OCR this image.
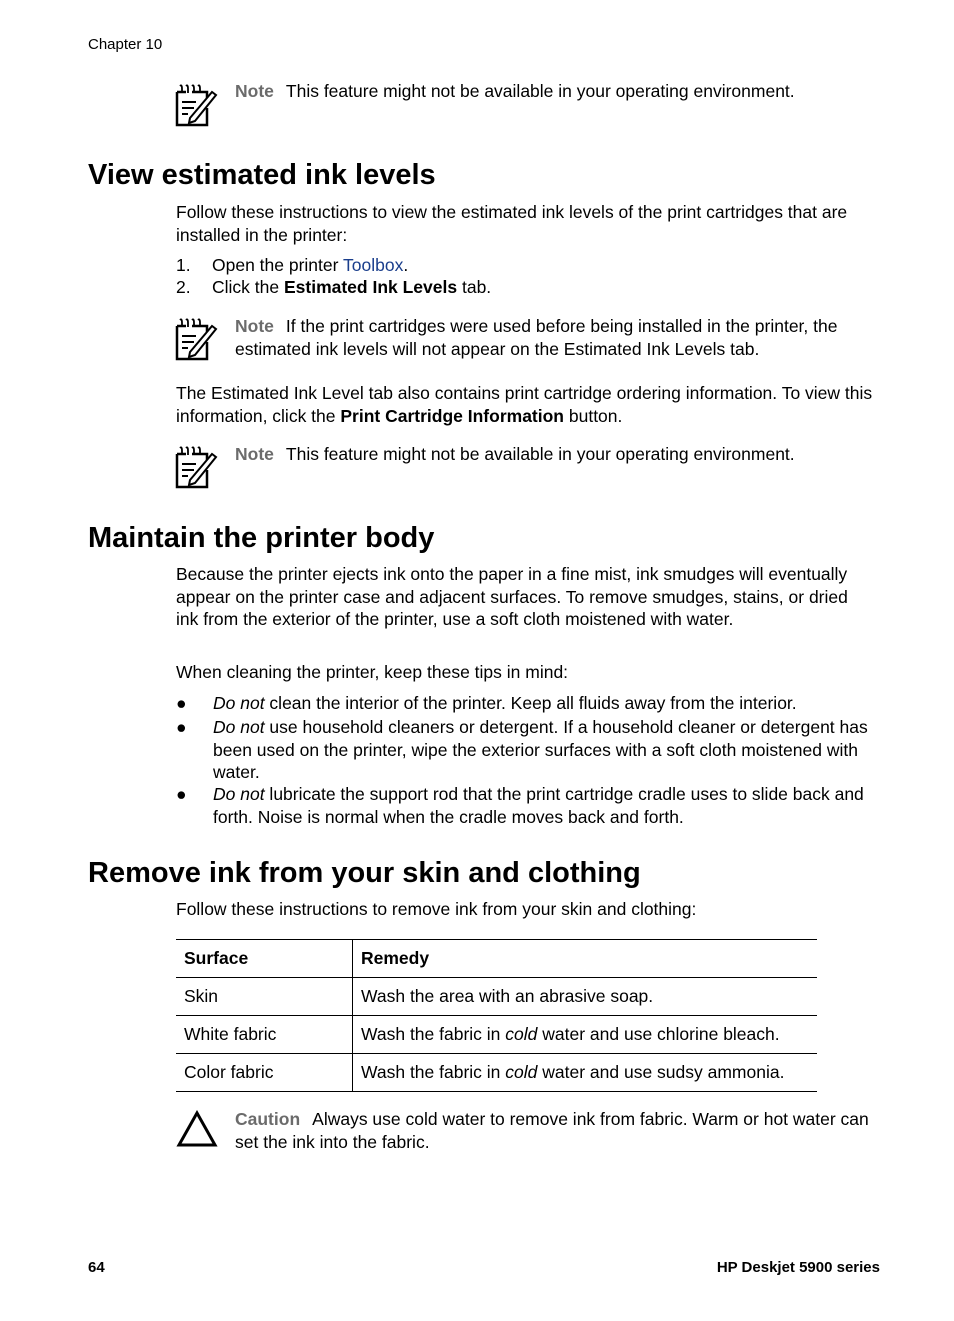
Chapter 10
Note This feature might not be available in your operating environment.
View estimated ink levels
Follow these instructions to view the estimated ink levels of the print cartridges that are installed in the printer:
1. Open the printer Toolbox.
2. Click the Estimated Ink Levels tab.
Note If the print cartridges were used before being installed in the printer, the estimated ink levels will not appear on the Estimated Ink Levels tab.
The Estimated Ink Level tab also contains print cartridge ordering information. To view this information, click the Print Cartridge Information button.
Note This feature might not be available in your operating environment.
Maintain the printer body
Because the printer ejects ink onto the paper in a fine mist, ink smudges will eventually appear on the printer case and adjacent surfaces. To remove smudges, stains, or dried ink from the exterior of the printer, use a soft cloth moistened with water.
When cleaning the printer, keep these tips in mind:
●	Do not clean the interior of the printer. Keep all fluids away from the interior.
●	Do not use household cleaners or detergent. If a household cleaner or detergent has been used on the printer, wipe the exterior surfaces with a soft cloth moistened with water.
●	Do not lubricate the support rod that the print cartridge cradle uses to slide back and forth. Noise is normal when the cradle moves back and forth.
Remove ink from your skin and clothing
Follow these instructions to remove ink from your skin and clothing:
Surface	Remedy
Skin	Wash the area with an abrasive soap.
White fabric	Wash the fabric in cold water and use chlorine bleach.
Color fabric	Wash the fabric in cold water and use sudsy ammonia.
Caution Always use cold water to remove ink from fabric. Warm or hot water can set the ink into the fabric.
64	HP Deskjet 5900 series
